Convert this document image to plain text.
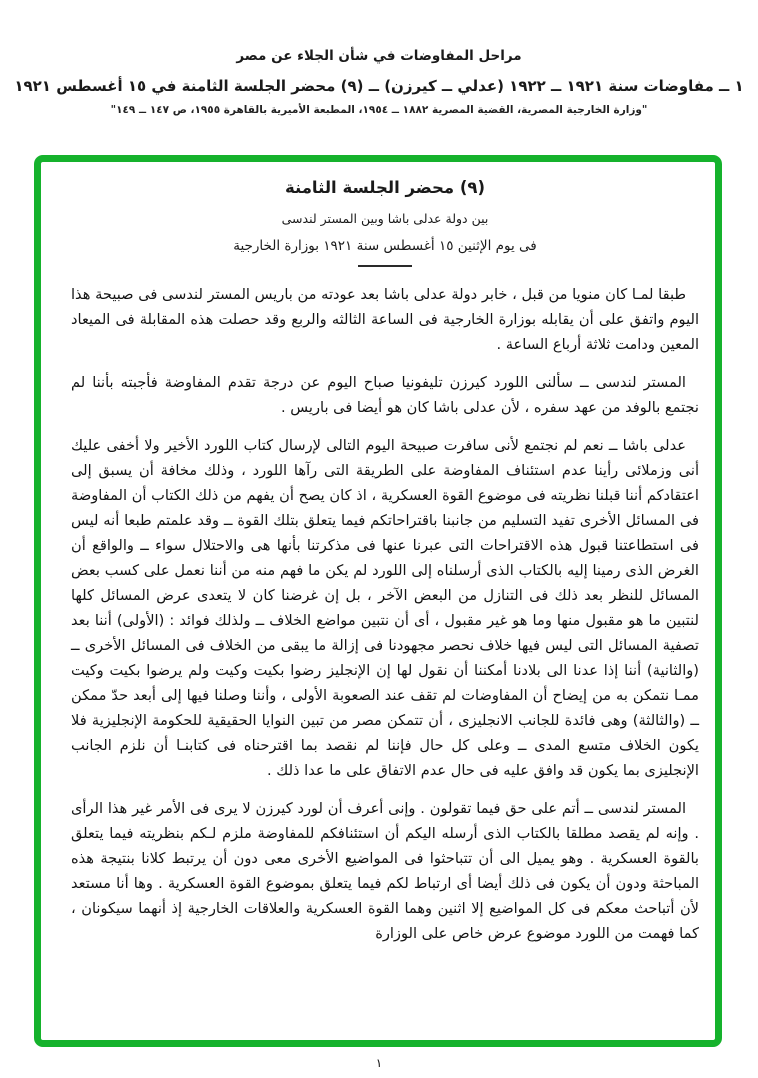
مراحل المفاوضات في شأن الجلاء عن مصر

١ ــ مفاوضات سنة ١٩٢١ ــ ١٩٢٢ (عدلي ــ كيرزن) ــ (٩) محضر الجلسة الثامنة في ١٥ أغسطس ١٩٢١

"وزارة الخارجية المصرية، القضية المصرية ١٨٨٢ ــ ١٩٥٤، المطبعة الأميرية بالقاهرة ١٩٥٥، ص ١٤٧ ــ ١٤٩"

(٩) محضر الجلسة الثامنة

بين دولة عدلى باشا وبين المستر لندسى

فى يوم الإثنين ١٥ أغسطس سنة ١٩٢١ بوزارة الخارجية

طبقا لمـا كان منويا من قبل ، خابر دولة عدلى باشا بعد عودته من باريس المستر لندسى فى صبيحة هذا اليوم واتفق على أن يقابله بوزارة الخارجية فى الساعة الثالثه والربع وقد حصلت هذه المقابلة فى الميعاد المعين ودامت ثلاثة أرباع الساعة .

المستر لندسى ــ سألنى اللورد كيرزن تليفونيا صباح اليوم عن درجة تقدم المفاوضة فأجبته بأننا لم نجتمع بالوفد من عهد سفره ، لأن عدلى باشا كان هو أيضا فى باريس .

عدلى باشا ــ نعم لم نجتمع لأنى سافرت صبيحة اليوم التالى لإرسال كتاب اللورد الأخير ولا أخفى عليك أنى وزملائى رأينا عدم استئناف المفاوضة على الطريقة التى رآها اللورد ، وذلك مخافة أن يسبق إلى اعتقادكم أننا قبلنا نظريته فى موضوع القوة العسكرية ، اذ كان يصح أن يفهم من ذلك الكتاب أن المفاوضة فى المسائل الأخرى تفيد التسليم من جانبنا باقتراحاتكم فيما يتعلق بتلك القوة ــ وقد علمتم طبعا أنه ليس فى استطاعتنا قبول هذه الاقتراحات التى عبرنا عنها فى مذكرتنا بأنها هى والاحتلال سواء ــ والواقع أن الغرض الذى رمينا إليه بالكتاب الذى أرسلناه إلى اللورد لم يكن ما فهم منه من أننا نعمل على كسب بعض المسائل للنظر بعد ذلك فى التنازل من البعض الآخر ، بل إن غرضنا كان لا يتعدى عرض المسائل كلها لنتبين ما هو مقبول منها وما هو غير مقبول ، أى أن نتبين مواضع الخلاف ــ ولذلك فوائد : (الأولى) أننا بعد تصفية المسائل التى ليس فيها خلاف نحصر مجهودنا فى إزالة ما يبقى من الخلاف فى المسائل الأخرى ــ (والثانية) أننا إذا عدنا الى بلادنا أمكننا أن نقول لها إن الإنجليز رضوا بكيت وكيت ولم يرضوا بكيت وكيت ممـا نتمكن به من إيضاح أن المفاوضات لم تقف عند الصعوبة الأولى ، وأننا وصلنا فيها إلى أبعد حدّ ممكن ــ (والثالثة) وهى فائدة للجانب الانجليزى ، أن تتمكن مصر من تبين النوايا الحقيقية للحكومة الإنجليزية فلا يكون الخلاف متسع المدى ــ وعلى كل حال فإننا لم نقصد بما اقترحناه فى كتابنـا أن نلزم الجانب الإنجليزى بما يكون قد وافق عليه فى حال عدم الاتفاق على ما عدا ذلك .

المستر لندسى ــ أتم على حق فيما تقولون . وإنى أعرف أن لورد كيرزن لا يرى فى الأمر غير هذا الرأى . وإنه لم يقصد مطلقا بالكتاب الذى أرسله اليكم أن استئنافكم للمفاوضة ملزم لـكم بنظريته فيما يتعلق بالقوة العسكرية . وهو يميل الى أن تتباحثوا فى المواضيع الأخرى معى دون أن يرتبط كلانا بنتيجة هذه المباحثة ودون أن يكون فى ذلك أيضا أى ارتباط لكم فيما يتعلق بموضوع القوة العسكرية . وها أنا مستعد لأن أتباحث معكم فى كل المواضيع إلا اثنين وهما القوة العسكرية والعلاقات الخارجية إذ أنهما سيكونان ، كما فهمت من اللورد موضوع عرض خاص على الوزارة

١
